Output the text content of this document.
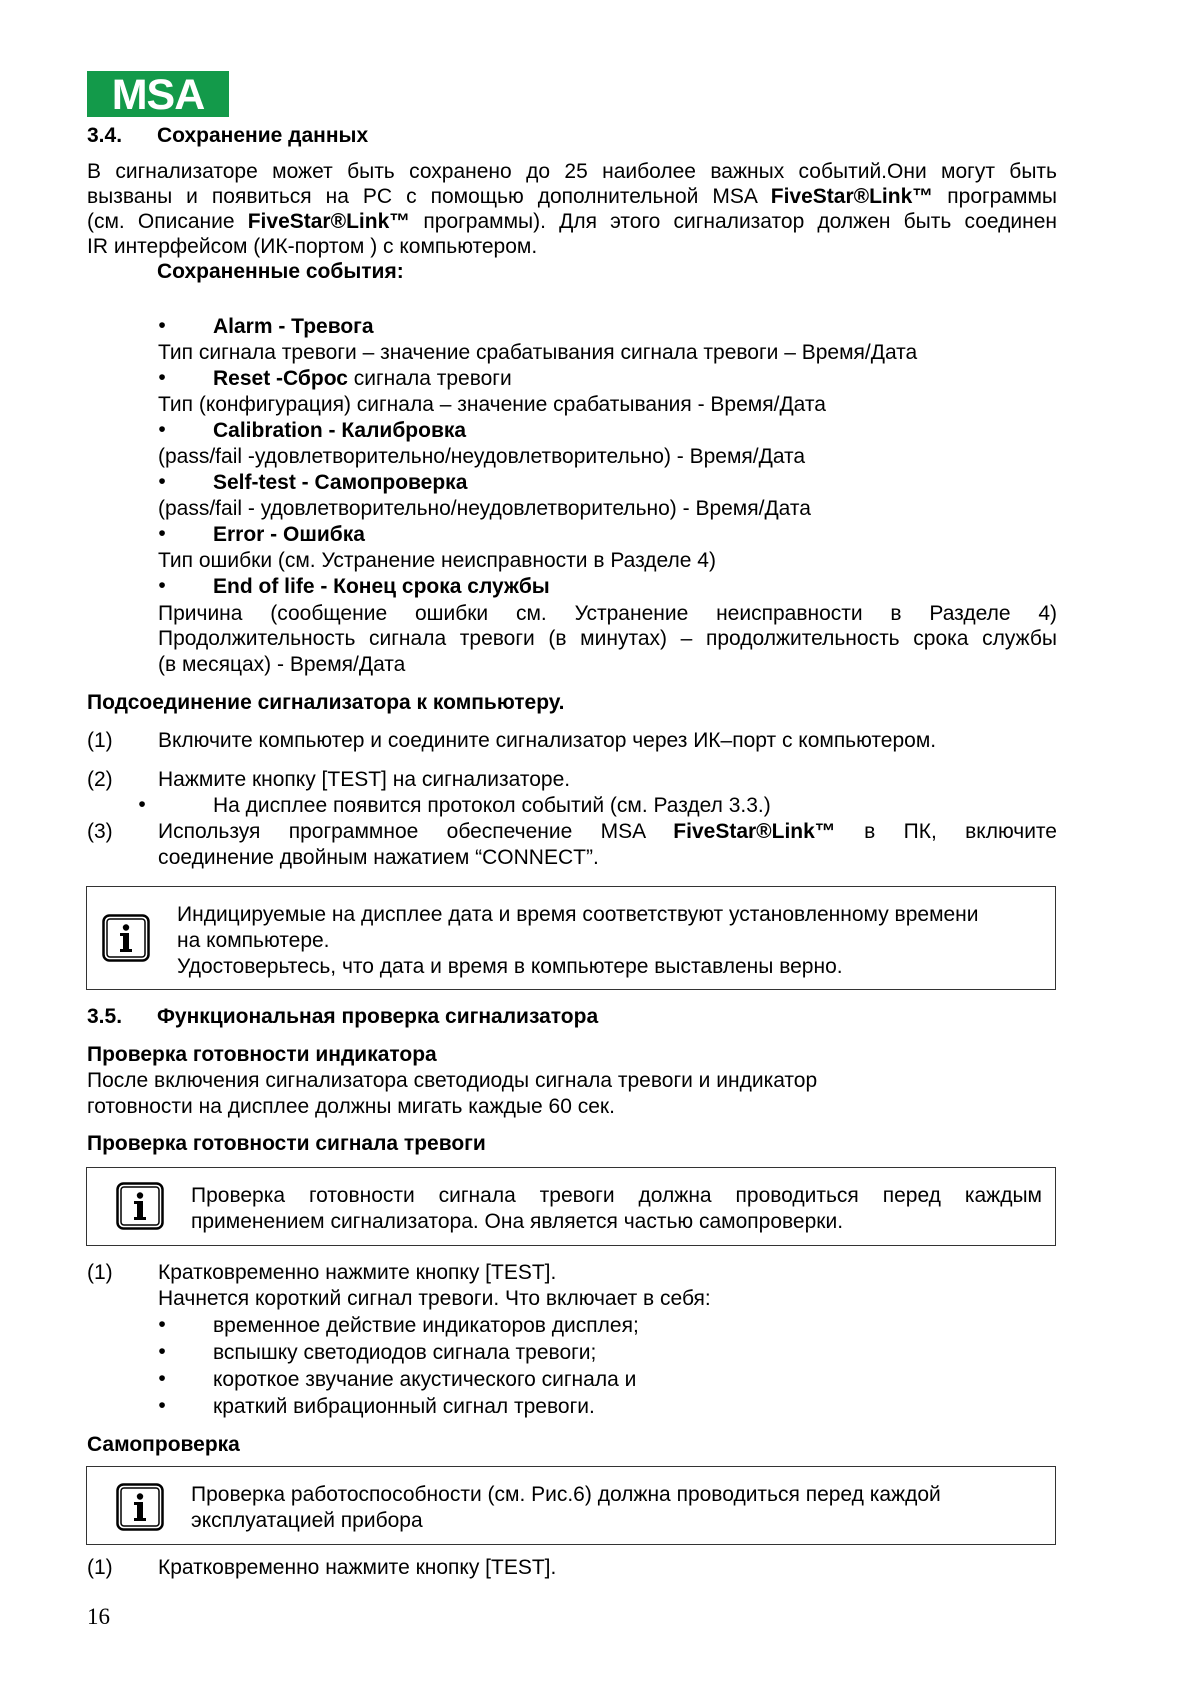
MSA
3.4. Сохранение данных
В сигнализаторе может быть сохранено до 25 наиболее важных событий.Они могут быть
вызваны и появиться на PC с помощью дополнительной MSA FiveStar®Link™ программы
(см. Описание FiveStar®Link™ программы). Для этого сигнализатор должен быть соединен
IR интерфейсом (ИК-портом ) с компьютером.
Сохраненные события:
• Alarm - Тревога
Тип сигнала тревоги – значение срабатывания сигнала тревоги – Время/Дата
• Reset -Сброс сигнала тревоги
Тип (конфигурация) сигнала – значение срабатывания - Время/Дата
• Calibration - Калибровка
(pass/fail -удовлетворительно/неудовлетворительно) - Время/Дата
• Self-test - Самопроверка
(pass/fail - удовлетворительно/неудовлетворительно) - Время/Дата
• Error - Ошибка
Тип ошибки (см. Устранение неисправности в Разделе 4)
• End of life - Конец срока службы
Причина (сообщение ошибки см. Устранение неисправности в Разделе 4)
Продолжительность сигнала тревоги (в минутах) – продолжительность срока службы
(в месяцах) - Время/Дата
Подсоединение сигнализатора к компьютеру.
(1) Включите компьютер и соедините сигнализатор через ИК–порт с компьютером.
(2) Нажмите кнопку [TEST] на сигнализаторе.
•	На дисплее появится протокол событий (см. Раздел 3.3.)
(3) Используя программное обеспечение MSA FiveStar®Link™ в ПК, включите
соединение двойным нажатием “CONNECT”.
Индицируемые на дисплее дата и время соответствуют установленному времени
на компьютере.
Удостоверьтесь, что дата и время в компьютере выставлены верно.
3.5. Функциональная проверка сигнализатора
Проверка готовности индикатора
После включения сигнализатора светодиоды сигнала тревоги и индикатор
готовности на дисплее должны мигать каждые 60 сек.
Проверка готовности сигнала тревоги
Проверка готовности сигнала тревоги должна проводиться перед каждым
применением сигнализатора. Она является частью самопроверки.
(1) Кратковременно нажмите кнопку [TEST].
Начнется короткий сигнал тревоги. Что включает в себя:
• временное действие индикаторов дисплея;
• вспышку светодиодов сигнала тревоги;
• короткое звучание акустического сигнала и
• краткий вибрационный сигнал тревоги.
Самопроверка
Проверка работоспособности (см. Рис.6) должна проводиться перед каждой
эксплуатацией прибора
(1) Кратковременно нажмите кнопку [TEST].
16
